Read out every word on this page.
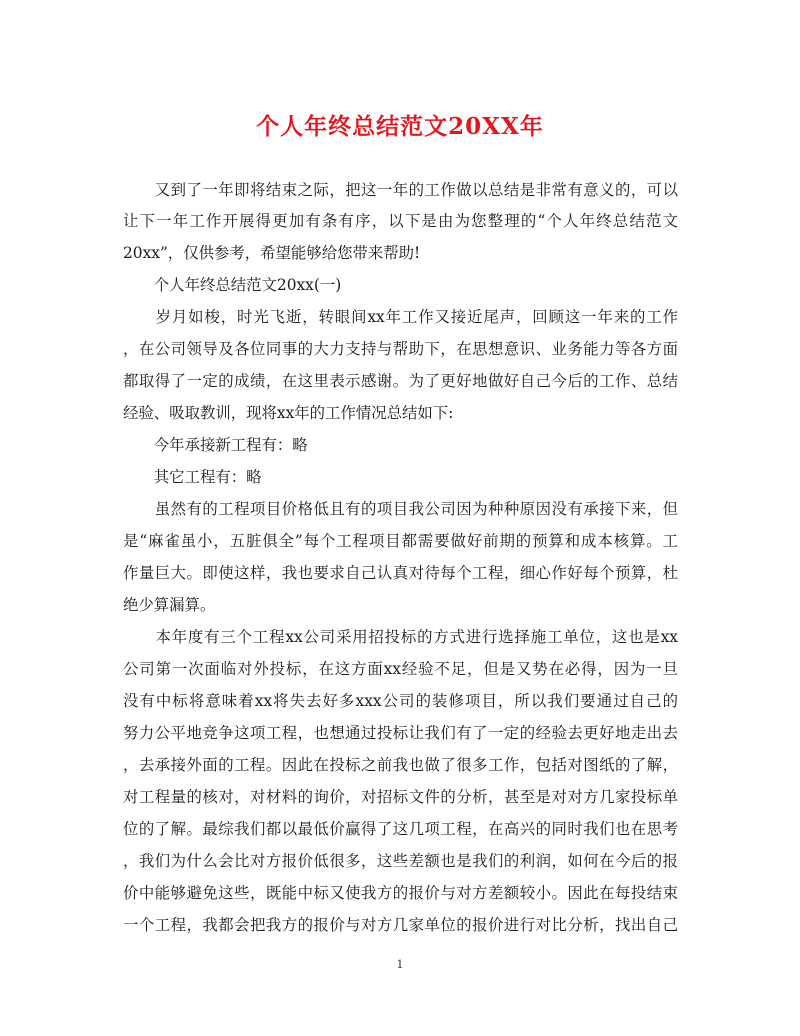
个人年终总结范文20XX年
　　又到了一年即将结束之际，把这一年的工作做以总结是非常有意义的，可以
让下一年工作开展得更加有条有序，以下是由为您整理的“个人年终总结范文
20xx”，仅供参考，希望能够给您带来帮助!
　　个人年终总结范文20xx(一)
　　岁月如梭，时光飞逝，转眼间xx年工作又接近尾声，回顾这一年来的工作
，在公司领导及各位同事的大力支持与帮助下，在思想意识、业务能力等各方面
都取得了一定的成绩，在这里表示感谢。为了更好地做好自己今后的工作、总结
经验、吸取教训，现将xx年的工作情况总结如下:
　　今年承接新工程有：略
　　其它工程有：略
　　虽然有的工程项目价格低且有的项目我公司因为种种原因没有承接下来，但
是“麻雀虽小，五脏俱全”每个工程项目都需要做好前期的预算和成本核算。工
作量巨大。即使这样，我也要求自己认真对待每个工程，细心作好每个预算，杜
绝少算漏算。
　　本年度有三个工程xx公司采用招投标的方式进行选择施工单位，这也是xx
公司第一次面临对外投标，在这方面xx经验不足，但是又势在必得，因为一旦
没有中标将意味着xx将失去好多xxx公司的装修项目，所以我们要通过自己的
努力公平地竞争这项工程，也想通过投标让我们有了一定的经验去更好地走出去
，去承接外面的工程。因此在投标之前我也做了很多工作，包括对图纸的了解，
对工程量的核对，对材料的询价，对招标文件的分析，甚至是对对方几家投标单
位的了解。最综我们都以最低价赢得了这几项工程，在高兴的同时我们也在思考
，我们为什么会比对方报价低很多，这些差额也是我们的利润，如何在今后的报
价中能够避免这些，既能中标又使我方的报价与对方差额较小。因此在每投结束
一个工程，我都会把我方的报价与对方几家单位的报价进行对比分析，找出自己
1
